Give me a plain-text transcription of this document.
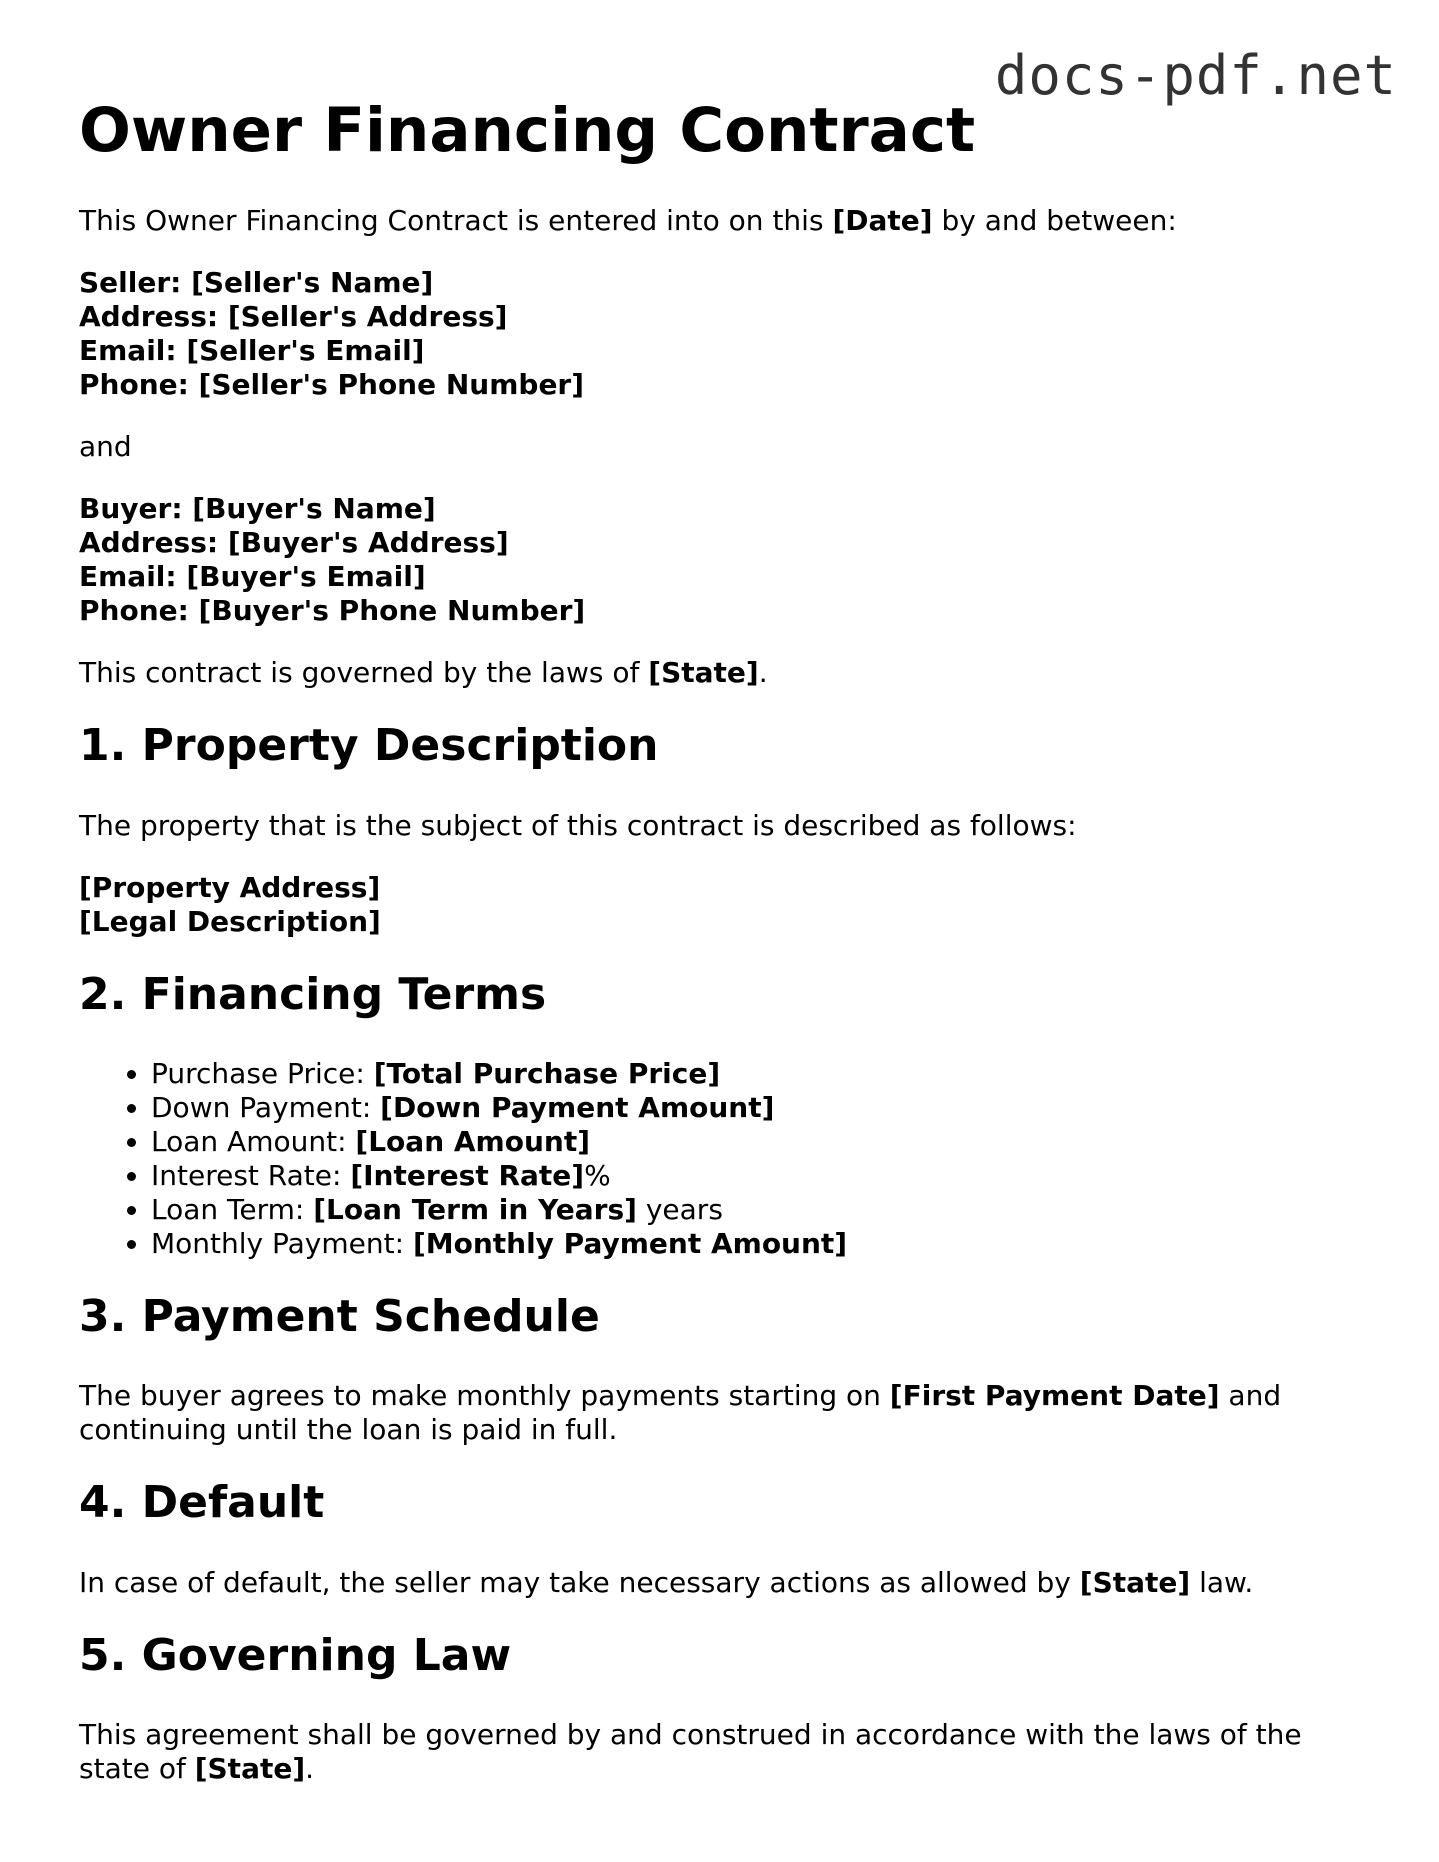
docs-pdf.net
Owner Financing Contract

This Owner Financing Contract is entered into on this [Date] by and between:

Seller: [Seller's Name]
Address: [Seller's Address]
Email: [Seller's Email]
Phone: [Seller's Phone Number]

and

Buyer: [Buyer's Name]
Address: [Buyer's Address]
Email: [Buyer's Email]
Phone: [Buyer's Phone Number]

This contract is governed by the laws of [State].

1. Property Description

The property that is the subject of this contract is described as follows:

[Property Address]
[Legal Description]
2. Financing Terms
• Purchase Price: [Total Purchase Price]
• Down Payment: [Down Payment Amount]
• Loan Amount: [Loan Amount]
• Interest Rate: [Interest Rate]%
• Loan Term: [Loan Term in Years] years
• Monthly Payment: [Monthly Payment Amount]
3. Payment Schedule

The buyer agrees to make monthly payments starting on [First Payment Date] and continuing until the loan is paid in full.

4. Default

In case of default, the seller may take necessary actions as allowed by [State] law.

5. Governing Law

This agreement shall be governed by and construed in accordance with the laws of the state of [State].
